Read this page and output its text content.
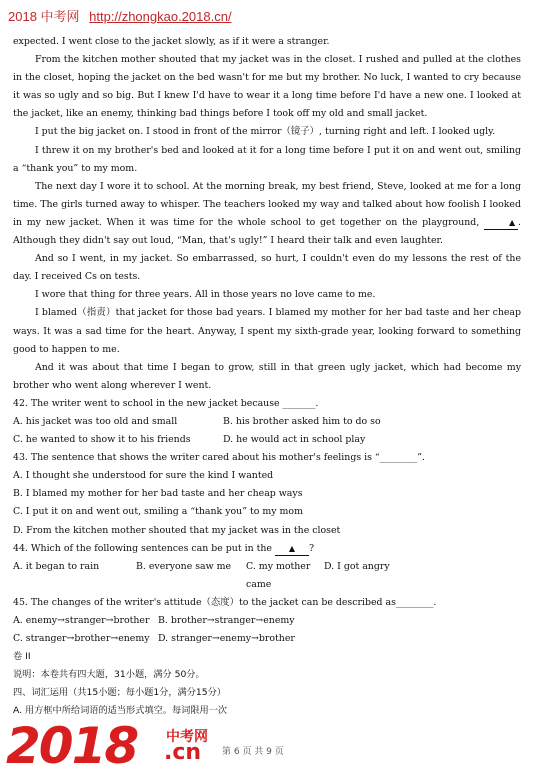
2018 中考网 http://zhongkao.2018.cn/

expected. I went close to the jacket slowly, as if it were a stranger.

From the kitchen mother shouted that my jacket was in the closet. I rushed and pulled at the clothes in the closet, hoping the jacket on the bed wasn't for me but my brother. No luck, I wanted to cry because it was so ugly and so big. But I knew I'd have to wear it a long time before I'd have a new one. I looked at the jacket, like an enemy, thinking bad things before I took off my old and small jacket.

I put the big jacket on. I stood in front of the mirror（镜子）, turning right and left. I looked ugly.

I threw it on my brother's bed and looked at it for a long time before I put it on and went out, smiling a “thank you” to my mom.

The next day I wore it to school. At the morning break, my best friend, Steve, looked at me for a long time. The girls turned away to whisper. The teachers looked my way and talked about how foolish I looked in my new jacket. When it was time for the whole school to get together on the playground,	▲ . Although they didn't say out loud, “Man, that's ugly!” I heard their talk and even laughter.

And so I went, in my jacket. So embarrassed, so hurt, I couldn't even do my lessons the rest of the day. I received Cs on tests.

I wore that thing for three years. All in those years no love came to me.

I blamed（指责）that jacket for those bad years. I blamed my mother for her bad taste and her cheap ways. It was a sad time for the heart. Anyway, I spent my sixth-grade year, looking forward to something good to happen to me.

And it was about that time I began to grow, still in that green ugly jacket, which had become my brother who went along wherever I went.

42. The writer went to school in the new jacket because _______.

A. his jacket was too old and small	B. his brother asked him to do so
C. he wanted to show it to his friends	D. he would act in school play

43. The sentence that shows the writer cared about his mother's feelings is “________”.

A. I thought she understood for sure the kind I wanted

B. I blamed my mother for her bad taste and her cheap ways

C. I put it on and went out, smiling a “thank you” to my mom

D. From the kitchen mother shouted that my jacket was in the closet

44. Which of the following sentences can be put in the ▲ ?

A. it began to rain	B. everyone saw me	C. my mother came
D. I got angry

45. The changes of the writer's attitude（态度）to the jacket can be described as________.

A. enemy→stranger→brother B. brother→stranger→enemy
C. stranger→brother→enemy D. stranger→enemy→brother

卷 II

说明：本卷共有四大题，31小题，满分 50分。

四、词汇运用（共15小题；每小题1分，满分15分）

A. 用方框中所给词语的适当形式填空。每词限用一次

2018 中考网
.cn 第 6 页 共 9 页
